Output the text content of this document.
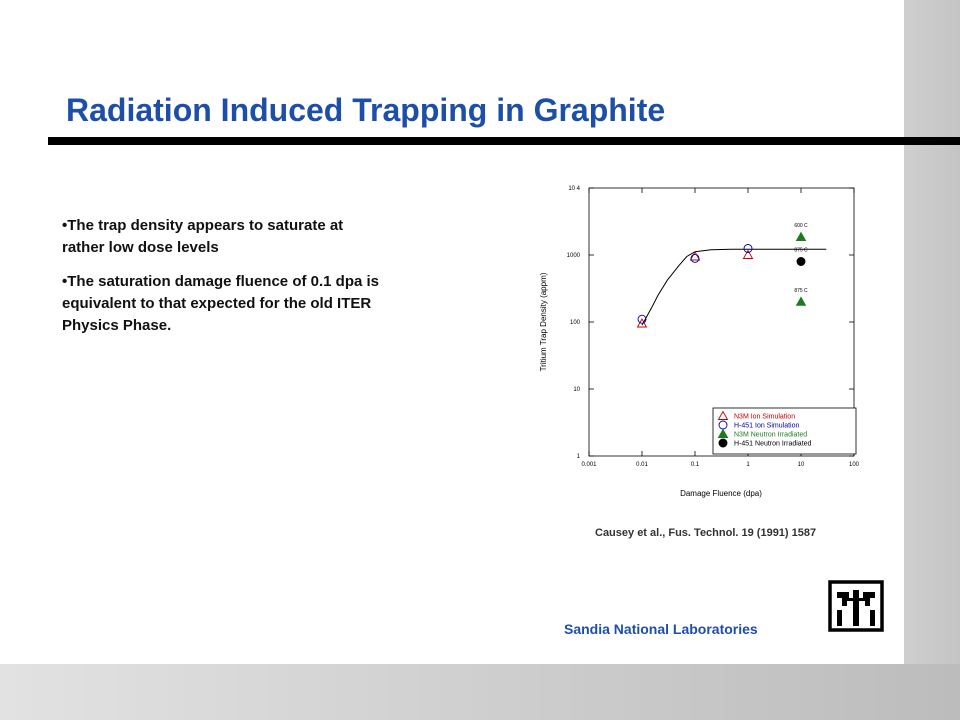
Radiation Induced Trapping in Graphite
• The trap density appears to saturate at rather low dose levels
• The saturation damage fluence of 0.1 dpa is equivalent to that expected for the old ITER Physics Phase.
0.001	0.01	0.1	1	10	100
1
10
100
1000
10 4
600 C
875 C
875 C
Tritium Trap Density (appm)
Damage Fluence (dpa)
N3M Ion Simulation
H-451 Ion Simulation
N3M Neutron Irradiated
H-451 Neutron Irradiated
Causey et al., Fus. Technol. 19 (1991) 1587
Sandia National Laboratories
